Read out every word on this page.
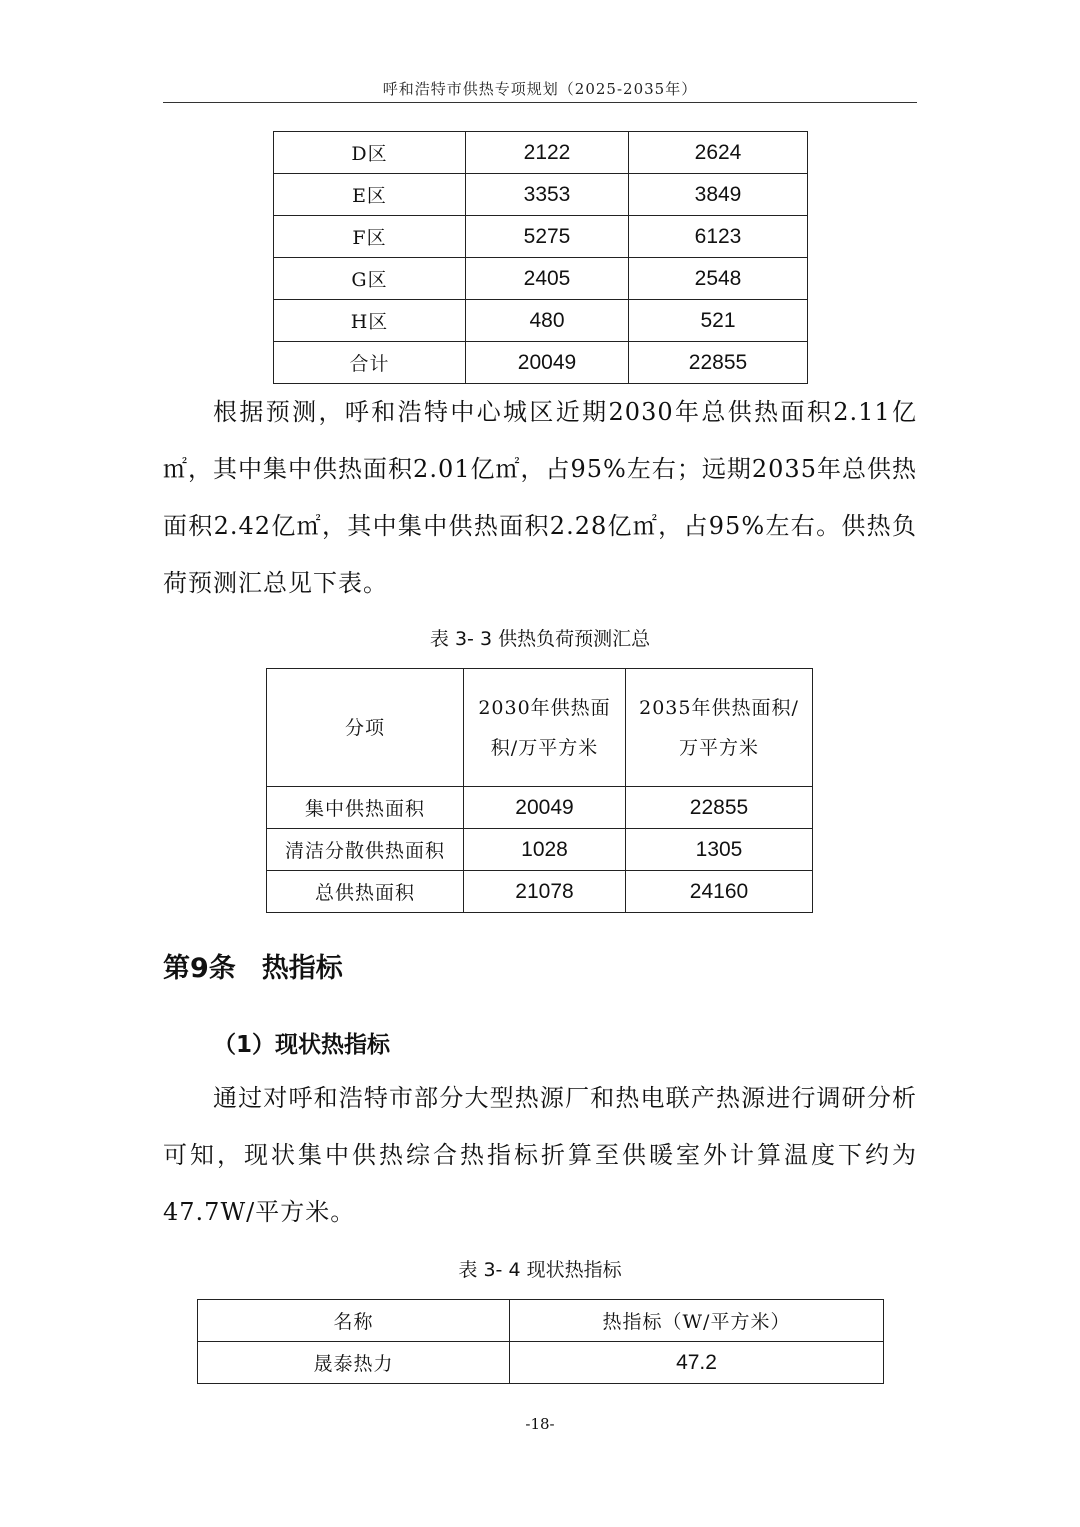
呼和浩特市供热专项规划（2025-2035年）
D区	2122	2624
E区	3353	3849
F区	5275	6123
G区	2405	2548
H区	480	521
合计	20049	22855

根据预测，呼和浩特中心城区近期2030年总供热面积2.11亿㎡，其中集中供热面积2.01亿㎡，占95%左右；远期2035年总供热面积2.42亿㎡，其中集中供热面积2.28亿㎡，占95%左右。供热负荷预测汇总见下表。

表 3- 3 供热负荷预测汇总
分项	2030年供热面积/万平方米	2035年供热面积/万平方米
集中供热面积	20049	22855
清洁分散供热面积	1028	1305
总供热面积	21078	24160
第9条 热指标
（1）现状热指标

通过对呼和浩特市部分大型热源厂和热电联产热源进行调研分析可知，现状集中供热综合热指标折算至供暖室外计算温度下约为47.7W/平方米。

表 3- 4 现状热指标
名称	热指标（W/平方米）
晟泰热力	47.2
-18-
